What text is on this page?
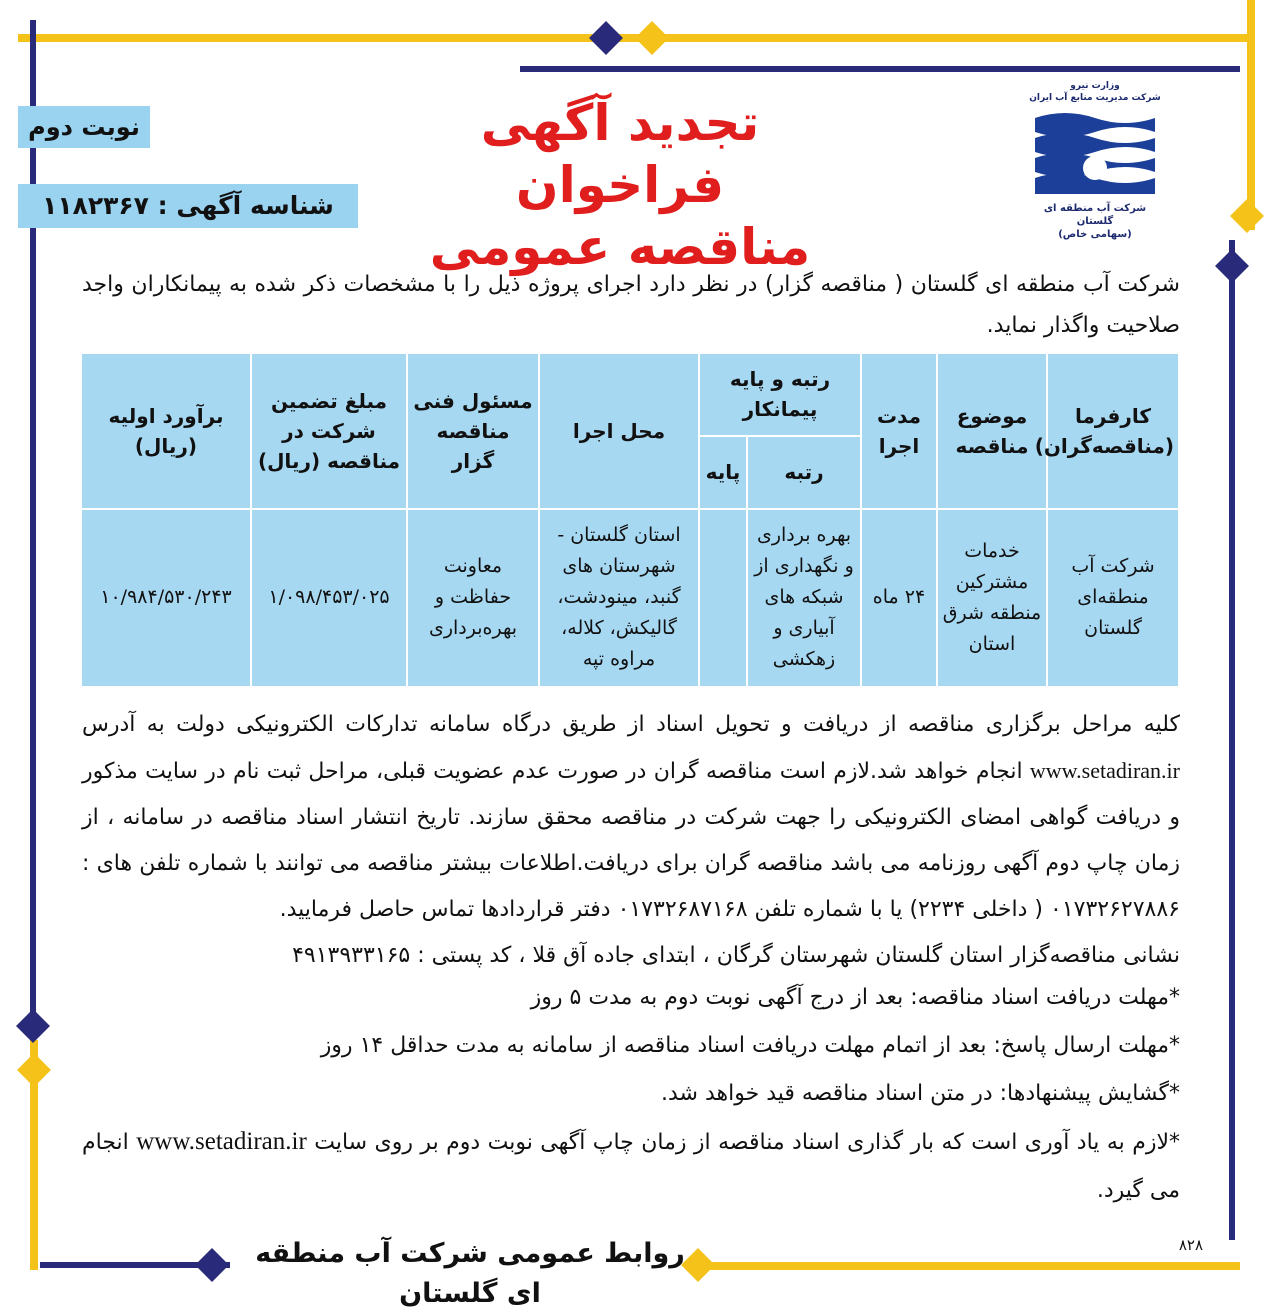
وزارت نیرو
شرکت مدیریت منابع آب ایران
شرکت آب منطقه ای گلستان
(سهامی خاص)
تجدید آگهی فراخوان
مناقصه عمومی
نوبت دوم
شناسه آگهی : ۱۱۸۲۳۶۷
شرکت آب منطقه ای گلستان ( مناقصه گزار) در نظر دارد اجرای پروژه ذیل را با مشخصات ذکر شده به پیمانکاران واجد صلاحیت واگذار نماید.
کارفرما (مناقصه‌گران)	موضوع مناقصه	مدت اجرا	رتبه و پایه پیمانکار		محل اجرا	مسئول فنی مناقصه گزار	مبلغ تضمین شرکت در مناقصه (ریال)	برآورد اولیه (ریال)
			رتبه	پایه				
شرکت آب منطقه‌ای گلستان	خدمات مشترکین منطقه شرق استان	۲۴ ماه	بهره برداری و نگهداری از شبکه های آبیاری و زهکشی		استان گلستان - شهرستان های گنبد، مینودشت، گالیکش، کلاله، مراوه تپه	معاونت حفاظت و بهره‌برداری	۱/۰۹۸/۴۵۳/۰۲۵	۱۰/۹۸۴/۵۳۰/۲۴۳
کلیه مراحل برگزاری مناقصه از دریافت و تحویل اسناد از طریق درگاه سامانه تدارکات الکترونیکی دولت به آدرس www.setadiran.ir انجام خواهد شد.لازم است مناقصه گران در صورت عدم عضویت قبلی، مراحل ثبت نام در سایت مذکور و دریافت گواهی امضای الکترونیکی را جهت شرکت در مناقصه محقق سازند. تاریخ انتشار اسناد مناقصه در سامانه ، از زمان چاپ دوم آگهی روزنامه می باشد مناقصه گران برای دریافت.اطلاعات بیشتر مناقصه می توانند با شماره تلفن های : ۰۱۷۳۲۶۲۷۸۸۶ ( داخلی ۲۲۳۴) یا با شماره تلفن ۰۱۷۳۲۶۸۷۱۶۸ دفتر قراردادها تماس حاصل فرمایید.
نشانی مناقصه‌گزار استان گلستان شهرستان گرگان ، ابتدای جاده آق قلا ، کد پستی : ۴۹۱۳۹۳۳۱۶۵
*مهلت دریافت اسناد مناقصه: بعد از درج آگهی نوبت دوم به مدت ۵ روز
*مهلت ارسال پاسخ: بعد از اتمام مهلت دریافت اسناد مناقصه از سامانه به مدت حداقل ۱۴ روز
*گشایش پیشنهادها: در متن اسناد مناقصه قید خواهد شد.
*لازم به یاد آوری است که بار گذاری اسناد مناقصه از زمان چاپ آگهی نوبت دوم بر روی سایت www.setadiran.ir انجام می گیرد.
روابط عمومی شرکت آب منطقه ای گلستان
۸۲۸
